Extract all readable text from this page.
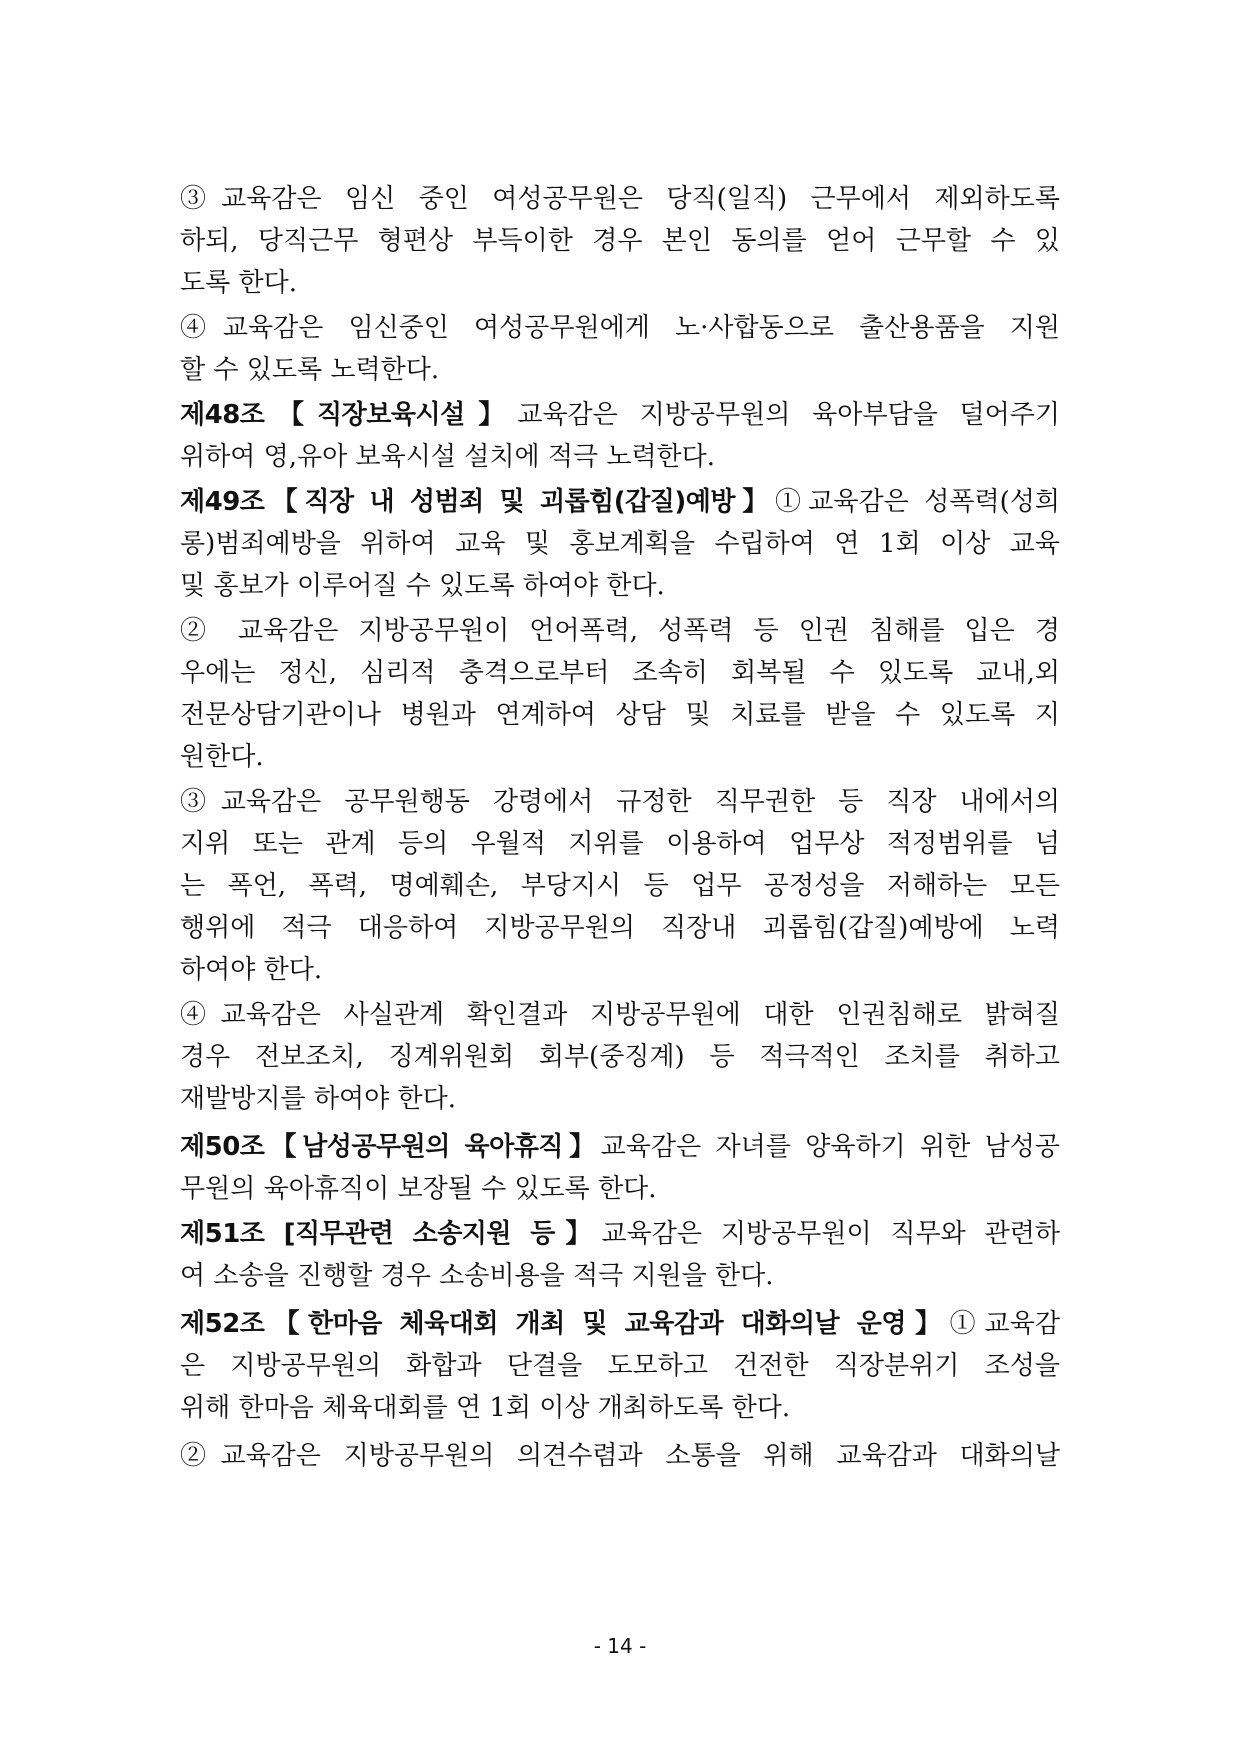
③교육감은 임신 중인 여성공무원은 당직(일직) 근무에서 제외하도록
하되, 당직근무 형편상 부득이한 경우 본인 동의를 얻어 근무할 수 있
도록 한다.
④교육감은 임신중인 여성공무원에게 노·사합동으로 출산용품을 지원
할 수 있도록 노력한다.
제48조【직장보육시설】교육감은 지방공무원의 육아부담을 덜어주기
위하여 영,유아 보육시설 설치에 적극 노력한다.
제49조【직장 내 성범죄 및 괴롭힘(갑질)예방】①교육감은 성폭력(성희
롱)범죄예방을 위하여 교육 및 홍보계획을 수립하여 연 1회 이상 교육
및 홍보가 이루어질 수 있도록 하여야 한다.
② 교육감은 지방공무원이 언어폭력, 성폭력 등 인권 침해를 입은 경
우에는 정신, 심리적 충격으로부터 조속히 회복될 수 있도록 교내,외
전문상담기관이나 병원과 연계하여 상담 및 치료를 받을 수 있도록 지
원한다.
③교육감은 공무원행동 강령에서 규정한 직무권한 등 직장 내에서의
지위 또는 관계 등의 우월적 지위를 이용하여 업무상 적정범위를 넘
는 폭언, 폭력, 명예훼손, 부당지시 등 업무 공정성을 저해하는 모든
행위에 적극 대응하여 지방공무원의 직장내 괴롭힘(갑질)예방에 노력
하여야 한다.
④교육감은 사실관계 확인결과 지방공무원에 대한 인권침해로 밝혀질
경우 전보조치, 징계위원회 회부(중징계) 등 적극적인 조치를 취하고
재발방지를 하여야 한다.
제50조【남성공무원의 육아휴직】교육감은 자녀를 양육하기 위한 남성공
무원의 육아휴직이 보장될 수 있도록 한다.
제51조 [직무관련 소송지원 등】교육감은 지방공무원이 직무와 관련하
여 소송을 진행할 경우 소송비용을 적극 지원을 한다.
제52조【한마음 체육대회 개최 및 교육감과 대화의날 운영】①교육감
은 지방공무원의 화합과 단결을 도모하고 건전한 직장분위기 조성을
위해 한마음 체육대회를 연 1회 이상 개최하도록 한다.
②교육감은 지방공무원의 의견수렴과 소통을 위해 교육감과 대화의날
- 14 -
